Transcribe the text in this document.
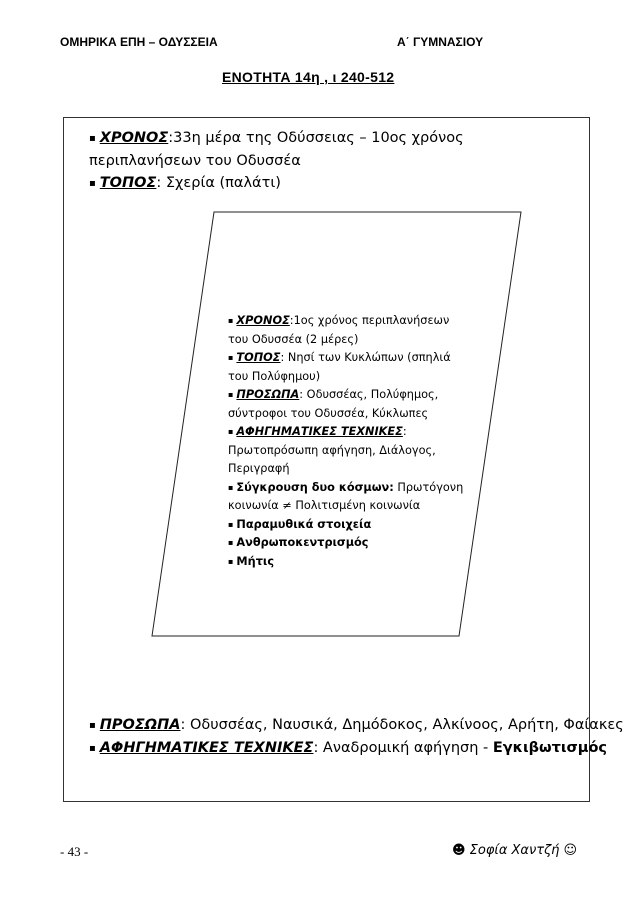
ΟΜΗΡΙΚΑ ΕΠΗ – ΟΔΥΣΣΕΙΑ	Α΄ ΓΥΜΝΑΣΙΟΥ
ΕΝΟΤΗΤΑ 14η , ι 240-512
▪ ΧΡΟΝΟΣ:33η μέρα της Οδύσσειας – 10ος χρόνος περιπλανήσεων του Οδυσσέα
▪ ΤΟΠΟΣ: Σχερία (παλάτι)
▪ ΧΡΟΝΟΣ:1ος χρόνος περιπλανήσεων του Οδυσσέα (2 μέρες)
▪ ΤΟΠΟΣ: Νησί των Κυκλώπων (σπηλιά του Πολύφημου)
▪ ΠΡΟΣΩΠΑ: Οδυσσέας, Πολύφημος, σύντροφοι του Οδυσσέα, Κύκλωπες
▪ ΑΦΗΓΗΜΑΤΙΚΕΣ ΤΕΧΝΙΚΕΣ:
Πρωτοπρόσωπη αφήγηση, Διάλογος,
Περιγραφή
▪ Σύγκρουση δυο κόσμων: Πρωτόγονη κοινωνία ≠ Πολιτισμένη κοινωνία
▪ Παραμυθικά στοιχεία
▪ Ανθρωποκεντρισμός
▪ Μήτις
▪ ΠΡΟΣΩΠΑ: Οδυσσέας, Ναυσικά, Δημόδοκος, Αλκίνοος, Αρήτη, Φαίακες
▪ ΑΦΗΓΗΜΑΤΙΚΕΣ ΤΕΧΝΙΚΕΣ: Αναδρομική αφήγηση - Εγκιβωτισμός
- 43 -	☻ Σοφία Χαντζή ☺
